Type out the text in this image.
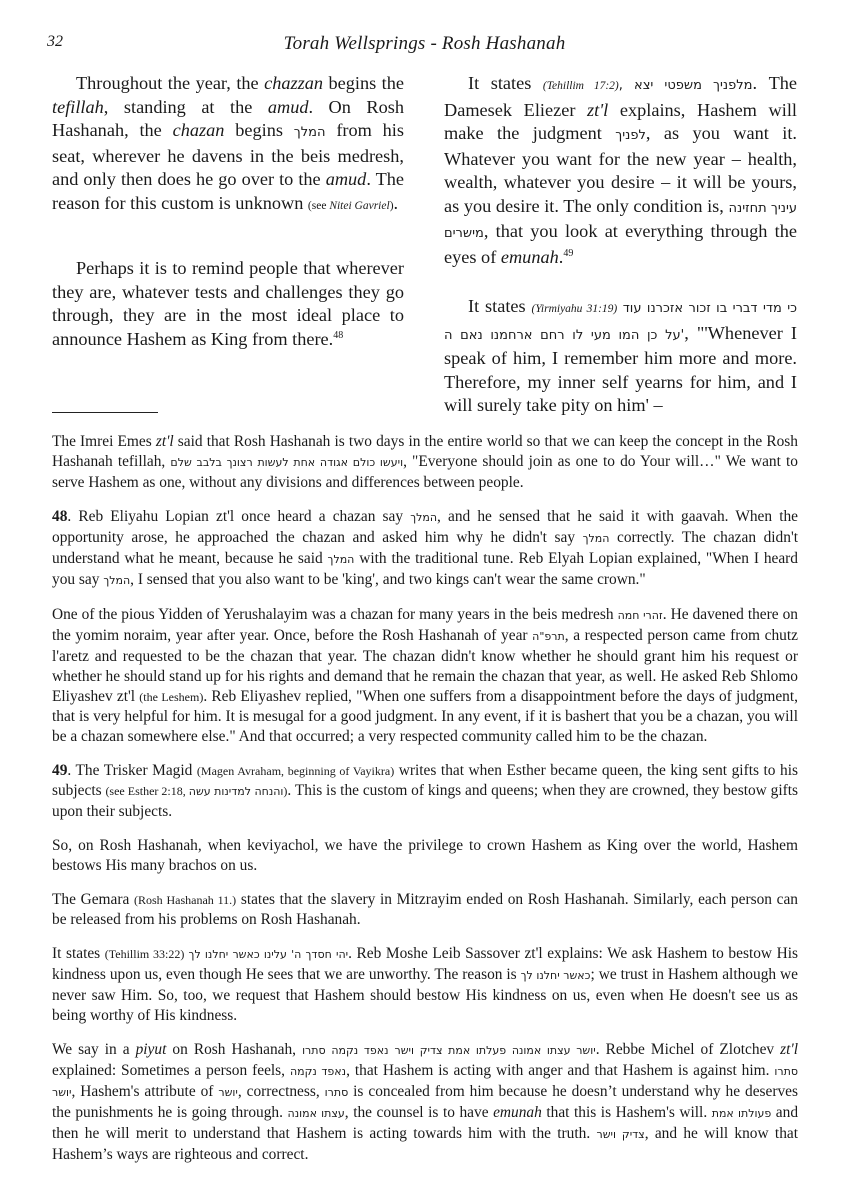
32	Torah Wellsprings - Rosh Hashanah

Throughout the year, the chazzan begins the tefillah, standing at the amud. On Rosh Hashanah, the chazan begins המלך from his seat, wherever he davens in the beis medresh, and only then does he go over to the amud. The reason for this custom is unknown (see Nitei Gavriel).

Perhaps it is to remind people that wherever they are, whatever tests and challenges they go through, they are in the most ideal place to announce Hashem as King from there.$^{48}$

It states (Tehillim 17:2), מלפניך משפטי יצא. The Damesek Eliezer zt'l explains, Hashem will make the judgment לפניך, as you want it. Whatever you want for the new year – health, wealth, whatever you desire – it will be yours, as you desire it. The only condition is, עיניך תחזינה מישרים, that you look at everything through the eyes of emunah.$^{49}$

It states (Yirmiyahu 31:19) כי מדי דברי בו זכור אזכרנו עוד על כן המו מעי לו רחם ארחמנו נאם ה', "'Whenever I speak of him, I remember him more and more. Therefore, my inner self yearns for him, and I will surely take pity on him' –

The Imrei Emes zt'l said that Rosh Hashanah is two days in the entire world so that we can keep the concept in the Rosh Hashanah tefillah, ויעשו כולם אגודה אחת לעשות רצונך בלבב שלם, "Everyone should join as one to do Your will…" We want to serve Hashem as one, without any divisions and differences between people.

48. Reb Eliyahu Lopian zt'l once heard a chazan say המלך, and he sensed that he said it with gaavah. When the opportunity arose, he approached the chazan and asked him why he didn't say המלך correctly. The chazan didn't understand what he meant, because he said המלך with the traditional tune. Reb Elyah Lopian explained, "When I heard you say המלך, I sensed that you also want to be 'king', and two kings can't wear the same crown."

One of the pious Yidden of Yerushalayim was a chazan for many years in the beis medresh זהרי חמה. He davened there on the yomim noraim, year after year. Once, before the Rosh Hashanah of year תרפ"ה, a respected person came from chutz l'aretz and requested to be the chazan that year. The chazan didn't know whether he should grant him his request or whether he should stand up for his rights and demand that he remain the chazan that year, as well. He asked Reb Shlomo Eliyashev zt'l (the Leshem). Reb Eliyashev replied, "When one suffers from a disappointment before the days of judgment, that is very helpful for him. It is mesugal for a good judgment. In any event, if it is bashert that you be a chazan, you will be a chazan somewhere else." And that occurred; a very respected community called him to be the chazan.

49. The Trisker Magid (Magen Avraham, beginning of Vayikra) writes that when Esther became queen, the king sent gifts to his subjects (see Esther 2:18, והנחה למדינות עשה). This is the custom of kings and queens; when they are crowned, they bestow gifts upon their subjects.

So, on Rosh Hashanah, when keviyachol, we have the privilege to crown Hashem as King over the world, Hashem bestows His many brachos on us.

The Gemara (Rosh Hashanah 11.) states that the slavery in Mitzrayim ended on Rosh Hashanah. Similarly, each person can be released from his problems on Rosh Hashanah.

It states (Tehillim 33:22) יהי חסדך ה' עלינו כאשר יחלנו לך. Reb Moshe Leib Sassover zt'l explains: We ask Hashem to bestow His kindness upon us, even though He sees that we are unworthy. The reason is כאשר יחלנו לך; we trust in Hashem although we never saw Him. So, too, we request that Hashem should bestow His kindness on us, even when He doesn't see us as being worthy of His kindness.

We say in a piyut on Rosh Hashanah,	יושר עצתו אמונה פעלתו אמת צדיק וישר נאפד נקמה סתרו	. Rebbe Michel of Zlotchev zt'l explained: Sometimes a person feels, נאפד נקמה, that Hashem is acting with anger and that Hashem is against him. סתרו יושר, Hashem's attribute of יושר, correctness, סתרו is concealed from him because he doesn’t understand why he deserves the punishments he is going through. עצתו אמונה, the counsel is to have emunah that this is Hashem's will. פעולתו אמת and then he will merit to understand that Hashem is acting towards him with the truth. צדיק וישר, and he will know that Hashem’s ways are righteous and correct.
